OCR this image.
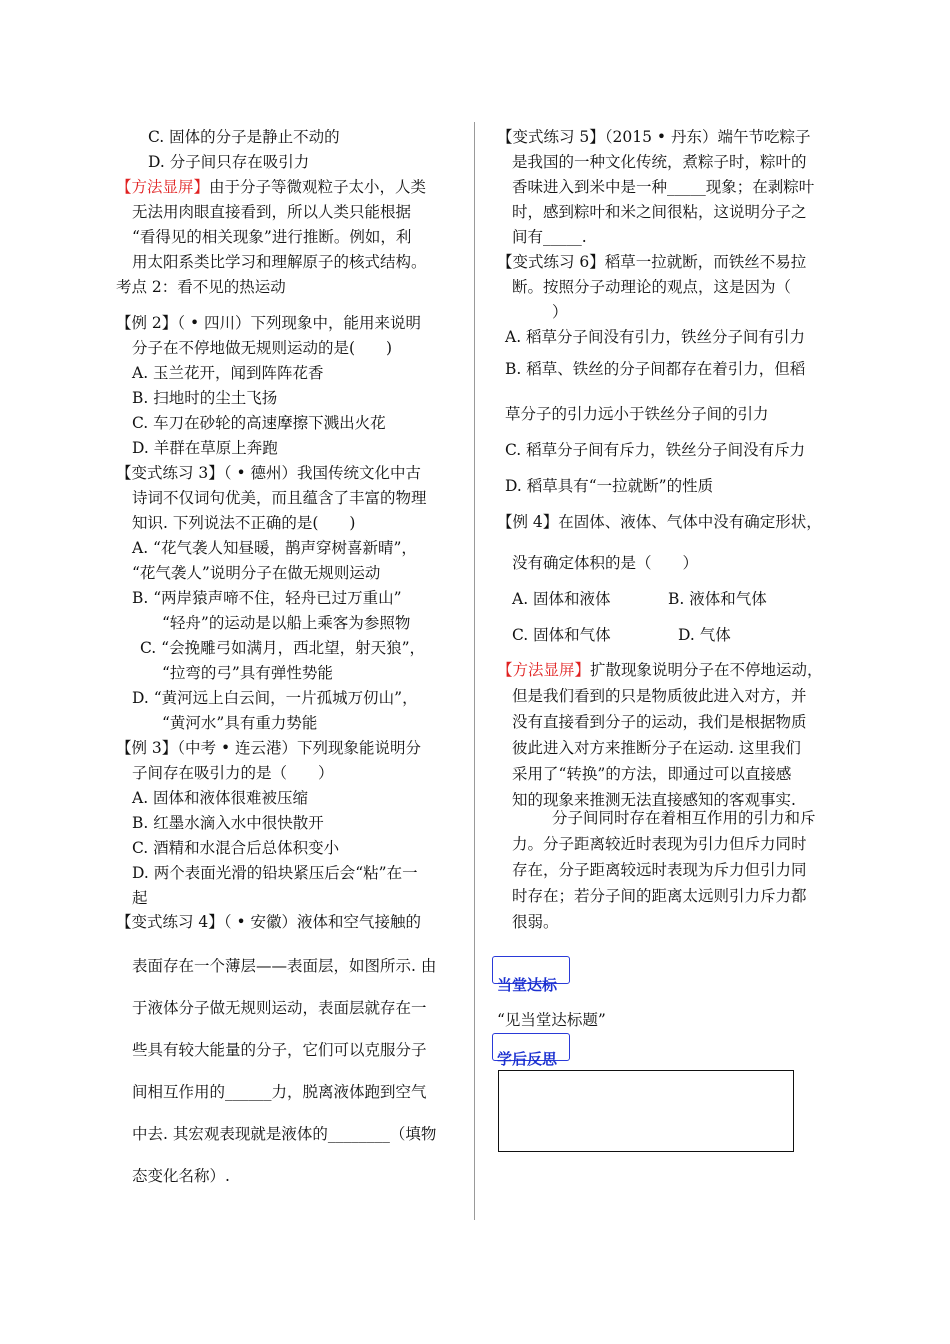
C. 固体的分子是静止不动的
D. 分子间只存在吸引力
【方法显屏】由于分子等微观粒子太小，人类
无法用肉眼直接看到，所以人类只能根据
“看得见的相关现象”进行推断。例如，利
用太阳系类比学习和理解原子的核式结构。
考点 2：看不见的热运动
【例 2】（ • 四川）下列现象中，能用来说明
分子在不停地做无规则运动的是(　　)
A. 玉兰花开，闻到阵阵花香
B. 扫地时的尘土飞扬
C. 车刀在砂轮的高速摩擦下溅出火花
D. 羊群在草原上奔跑
【变式练习 3】（ • 德州）我国传统文化中古
诗词不仅词句优美，而且蕴含了丰富的物理
知识. 下列说法不正确的是(　　)
A. “花气袭人知昼暖，鹊声穿树喜新晴”，
“花气袭人”说明分子在做无规则运动
B. “两岸猿声啼不住，轻舟已过万重山”
“轻舟”的运动是以船上乘客为参照物
C. “会挽雕弓如满月，西北望，射天狼”，
“拉弯的弓”具有弹性势能
D. “黄河远上白云间，一片孤城万仞山”，
“黄河水”具有重力势能
【例 3】（中考 • 连云港）下列现象能说明分
子间存在吸引力的是（　　）
A. 固体和液体很难被压缩
B. 红墨水滴入水中很快散开
C. 酒精和水混合后总体积变小
D. 两个表面光滑的铅块紧压后会“粘”在一
起
【变式练习 4】（ • 安徽）液体和空气接触的
表面存在一个薄层——表面层，如图所示. 由
于液体分子做无规则运动，表面层就存在一
些具有较大能量的分子，它们可以克服分子
间相互作用的______力，脱离液体跑到空气
中去. 其宏观表现就是液体的________（填物
态变化名称）.
【变式练习 5】（2015 • 丹东）端午节吃粽子
是我国的一种文化传统，煮粽子时，粽叶的
香味进入到米中是一种_____现象；在剥粽叶
时，感到粽叶和米之间很粘，这说明分子之
间有_____.
【变式练习 6】稻草一拉就断，而铁丝不易拉
断。按照分子动理论的观点，这是因为（
）
A. 稻草分子间没有引力，铁丝分子间有引力
B. 稻草、铁丝的分子间都存在着引力，但稻
草分子的引力远小于铁丝分子间的引力
C. 稻草分子间有斥力，铁丝分子间没有斥力
D. 稻草具有“一拉就断”的性质
【例 4】在固体、液体、气体中没有确定形状，
没有确定体积的是（　　）
A. 固体和液体	B. 液体和气体
C. 固体和气体	D. 气体
【方法显屏】扩散现象说明分子在不停地运动，
但是我们看到的只是物质彼此进入对方，并
没有直接看到分子的运动，我们是根据物质
彼此进入对方来推断分子在运动. 这里我们
采用了“转换”的方法，即通过可以直接感
知的现象来推测无法直接感知的客观事实.
分子间同时存在着相互作用的引力和斥
力。分子距离较近时表现为引力但斥力同时
存在，分子距离较远时表现为斥力但引力同
时存在；若分子间的距离太远则引力斥力都
很弱。
当堂达标
“见当堂达标题”
学后反思
